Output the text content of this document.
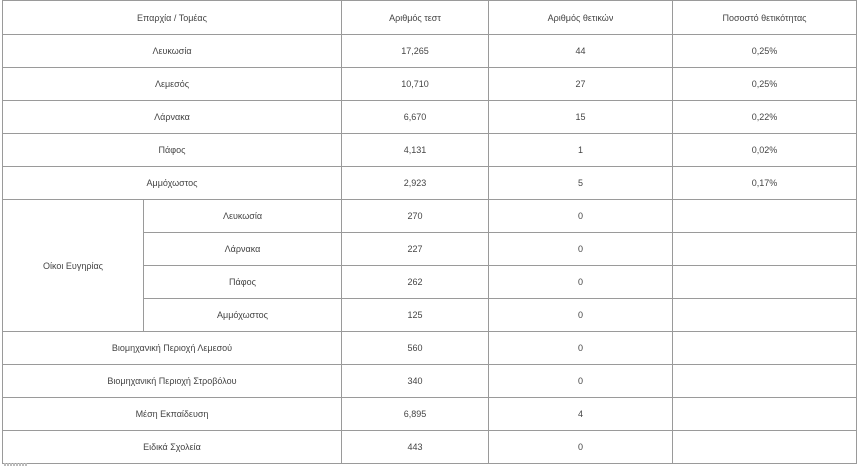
Επαρχία / Τομέας		Αριθμός τεστ	Αριθμός θετικών	Ποσοστό θετικότητας
Λευκωσία		17,265	44	0,25%
Λεμεσός		10,710	27	0,25%
Λάρνακα		6,670	15	0,22%
Πάφος		4,131	1	0,02%
Αμμόχωστος		2,923	5	0,17%
Οίκοι Ευγηρίας	Λευκωσία	270	0	
	Λάρνακα	227	0	
	Πάφος	262	0	
	Αμμόχωστος	125	0	
Βιομηχανική Περιοχή Λεμεσού		560	0	
Βιομηχανική Περιοχή Στροβόλου		340	0	
Μέση Εκπαίδευση		6,895	4	
Ειδικά Σχολεία		443	0	
